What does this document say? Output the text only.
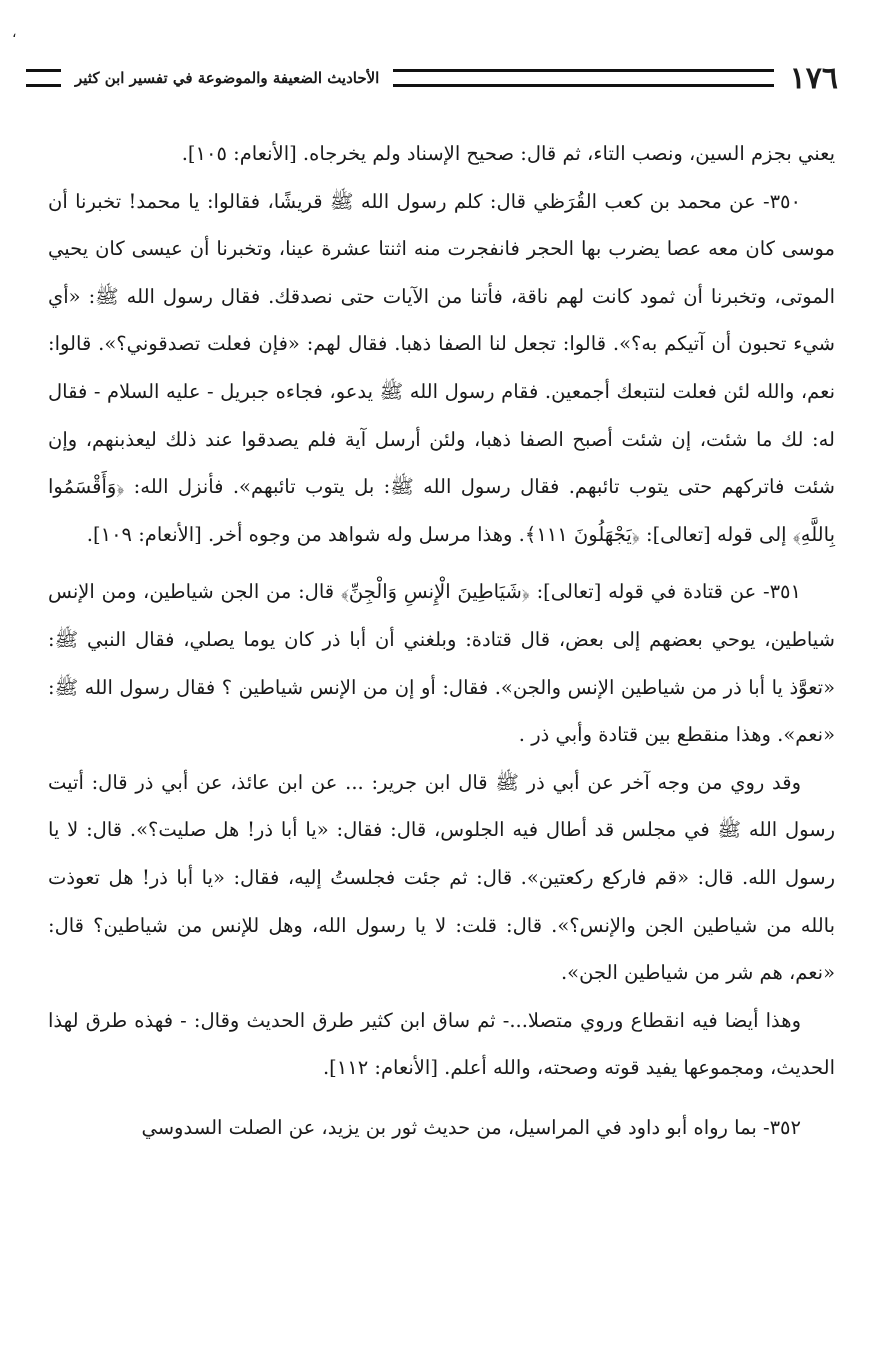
،
١٧٦
الأحاديث الضعيفة والموضوعة في تفسير ابن كثير

يعني بجزم السين، ونصب التاء، ثم قال: صحيح الإسناد ولم يخرجاه. [الأنعام: ١٠٥].

٣٥٠- عن محمد بن كعب القُرَظي قال: كلم رسول الله ﷺ قريشًا، فقالوا: يا محمد! تخبرنا أن موسى كان معه عصا يضرب بها الحجر فانفجرت منه اثنتا عشرة عينا، وتخبرنا أن عيسى كان يحيي الموتى، وتخبرنا أن ثمود كانت لهم ناقة، فأتنا من الآيات حتى نصدقك. فقال رسول الله ﷺ: «أي شيء تحبون أن آتيكم به؟». قالوا: تجعل لنا الصفا ذهبا. فقال لهم: «فإن فعلت تصدقوني؟». قالوا: نعم، والله لئن فعلت لنتبعك أجمعين. فقام رسول الله ﷺ يدعو، فجاءه جبريل - عليه السلام - فقال له: لك ما شئت، إن شئت أصبح الصفا ذهبا، ولئن أرسل آية فلم يصدقوا عند ذلك ليعذبنهم، وإن شئت فاتركهم حتى يتوب تائبهم. فقال رسول الله ﷺ: بل يتوب تائبهم». فأنزل الله: ﴿وَأَقْسَمُوا بِاللَّهِ﴾ إلى قوله [تعالى]: ﴿يَجْهَلُونَ ١١١﴾. وهذا مرسل وله شواهد من وجوه أخر. [الأنعام: ١٠٩].

٣٥١- عن قتادة في قوله [تعالى]: ﴿شَيَاطِينَ الْإِنسِ وَالْجِنِّ﴾ قال: من الجن شياطين، ومن الإنس شياطين، يوحي بعضهم إلى بعض، قال قتادة: وبلغني أن أبا ذر كان يوما يصلي، فقال النبي ﷺ: «تعوَّذ يا أبا ذر من شياطين الإنس والجن». فقال: أو إن من الإنس شياطين ؟ فقال رسول الله ﷺ: «نعم». وهذا منقطع بين قتادة وأبي ذر .

وقد روي من وجه آخر عن أبي ذر ﷺ قال ابن جرير: ... عن ابن عائذ، عن أبي ذر قال: أتيت رسول الله ﷺ في مجلس قد أطال فيه الجلوس، قال: فقال: «يا أبا ذر! هل صليت؟». قال: لا يا رسول الله. قال: «قم فاركع ركعتين». قال: ثم جئت فجلستُ إليه، فقال: «يا أبا ذر! هل تعوذت بالله من شياطين الجن والإنس؟». قال: قلت: لا يا رسول الله، وهل للإنس من شياطين؟ قال: «نعم، هم شر من شياطين الجن».

وهذا أيضا فيه انقطاع وروي متصلا...- ثم ساق ابن كثير طرق الحديث وقال: - فهذه طرق لهذا الحديث، ومجموعها يفيد قوته وصحته، والله أعلم. [الأنعام: ١١٢].

٣٥٢- بما رواه أبو داود في المراسيل، من حديث ثور بن يزيد، عن الصلت السدوسي
